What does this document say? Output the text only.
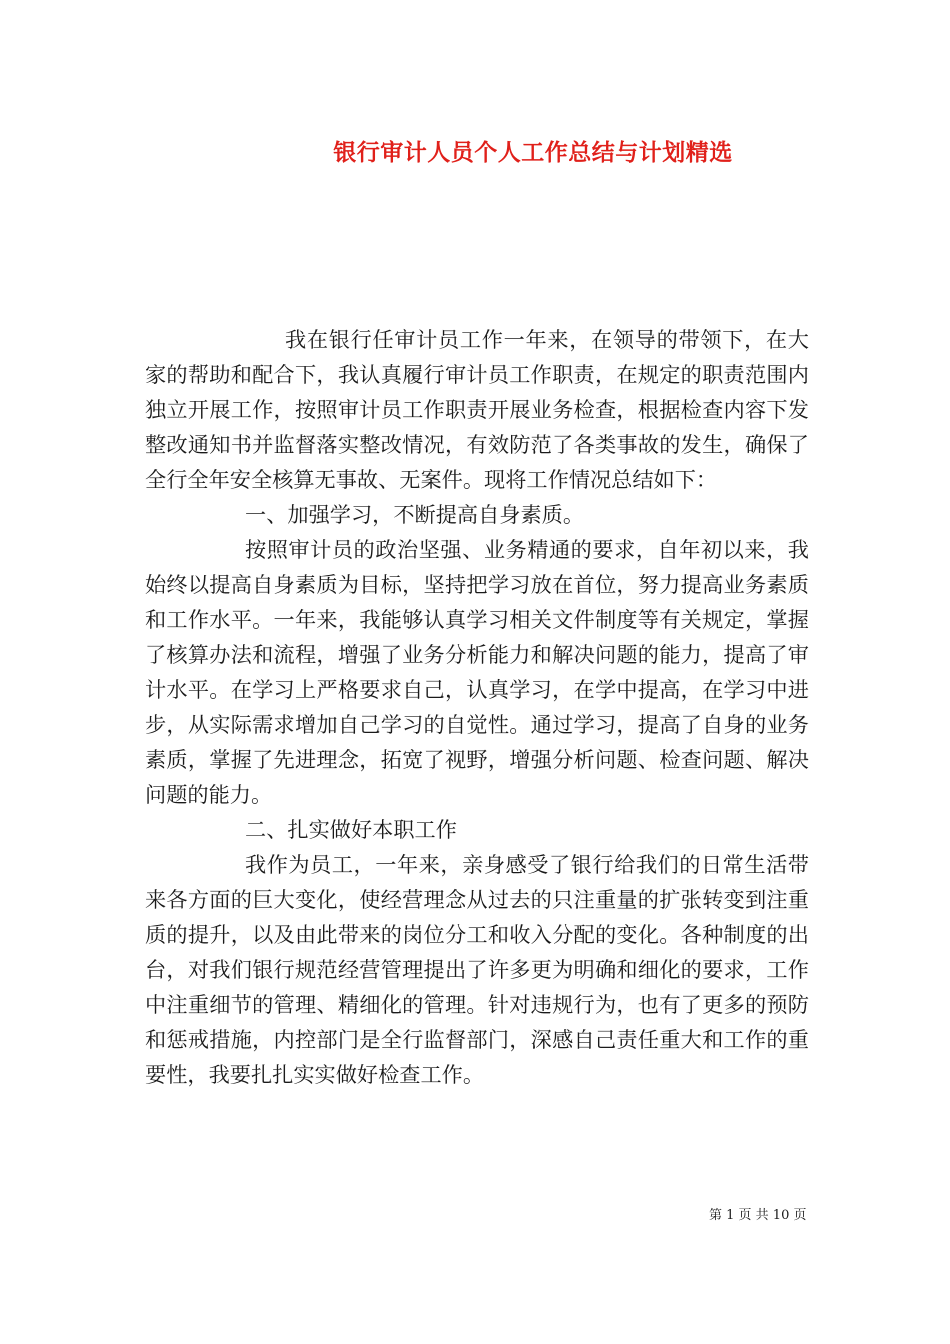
银行审计人员个人工作总结与计划精选

我在银行任审计员工作一年来，在领导的带领下，在大家的帮助和配合下，我认真履行审计员工作职责，在规定的职责范围内独立开展工作，按照审计员工作职责开展业务检查，根据检查内容下发整改通知书并监督落实整改情况，有效防范了各类事故的发生，确保了全行全年安全核算无事故、无案件。现将工作情况总结如下：

一、加强学习，不断提高自身素质。

按照审计员的政治坚强、业务精通的要求，自年初以来，我始终以提高自身素质为目标，坚持把学习放在首位，努力提高业务素质和工作水平。一年来，我能够认真学习相关文件制度等有关规定，掌握了核算办法和流程，增强了业务分析能力和解决问题的能力，提高了审计水平。在学习上严格要求自己，认真学习，在学中提高，在学习中进步，从实际需求增加自己学习的自觉性。通过学习，提高了自身的业务素质，掌握了先进理念，拓宽了视野，增强分析问题、检查问题、解决问题的能力。

二、扎实做好本职工作

我作为员工，一年来，亲身感受了银行给我们的日常生活带来各方面的巨大变化，使经营理念从过去的只注重量的扩张转变到注重质的提升，以及由此带来的岗位分工和收入分配的变化。各种制度的出台，对我们银行规范经营管理提出了许多更为明确和细化的要求，工作中注重细节的管理、精细化的管理。针对违规行为，也有了更多的预防和惩戒措施，内控部门是全行监督部门，深感自己责任重大和工作的重要性，我要扎扎实实做好检查工作。

第 1 页 共 10 页
